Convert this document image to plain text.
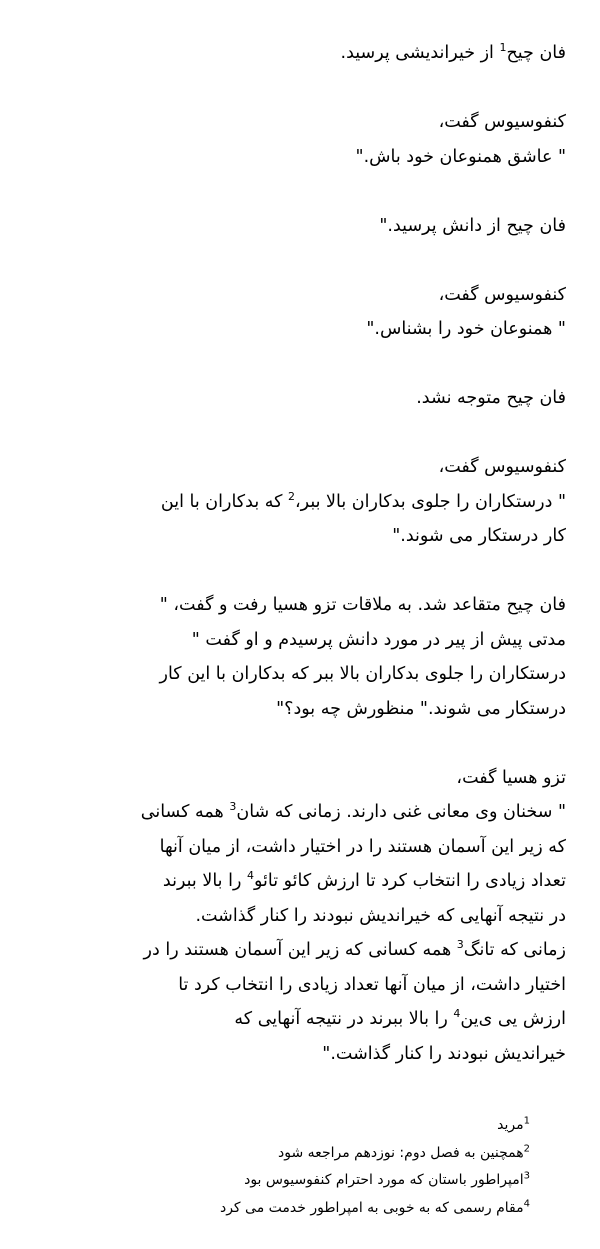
فان چیح$^1$ از خیراندیشی پرسید.

کنفوسیوس گفت،

" عاشق همنوعان خود باش."

فان چیح از دانش پرسید."

کنفوسیوس گفت،

" همنوعان خود را بشناس."

فان چیح متوجه نشد.

کنفوسیوس گفت،

" درستکاران را جلوی بدکاران بالا ببر،$^2$ که بدکاران با این

کار درستکار می شوند."

فان چیح متقاعد شد. به ملاقات تزو هسیا رفت و گفت، "

مدتی پیش از پیر در مورد دانش پرسیدم و او گفت "

درستکاران را جلوی بدکاران بالا ببر که بدکاران با این کار

درستکار می شوند." منظورش چه بود؟"

تزو هسیا گفت،

" سخنان وی معانی غنی دارند. زمانی که شان$^3$ همه کسانی

که زیر این آسمان هستند را در اختیار داشت، از میان آنها

تعداد زیادی را انتخاب کرد تا ارزش کائو تائو$^4$ را بالا ببرند

در نتیجه آنهایی که خیراندیش نبودند را کنار گذاشت.

زمانی که تانگ$^3$ همه کسانی که زیر این آسمان هستند را در

اختیار داشت، از میان آنها تعداد زیادی را انتخاب کرد تا

ارزش یی ی‌ین$^4$ را بالا ببرند در نتیجه آنهایی که

خیراندیش نبودند را کنار گذاشت."

$^1$مرید

$^2$همچنین به فصل دوم: نوزدهم مراجعه شود

$^3$امپراطور باستان که مورد احترام کنفوسیوس بود

$^4$مقام رسمی که به خوبی به امپراطور خدمت می کرد
